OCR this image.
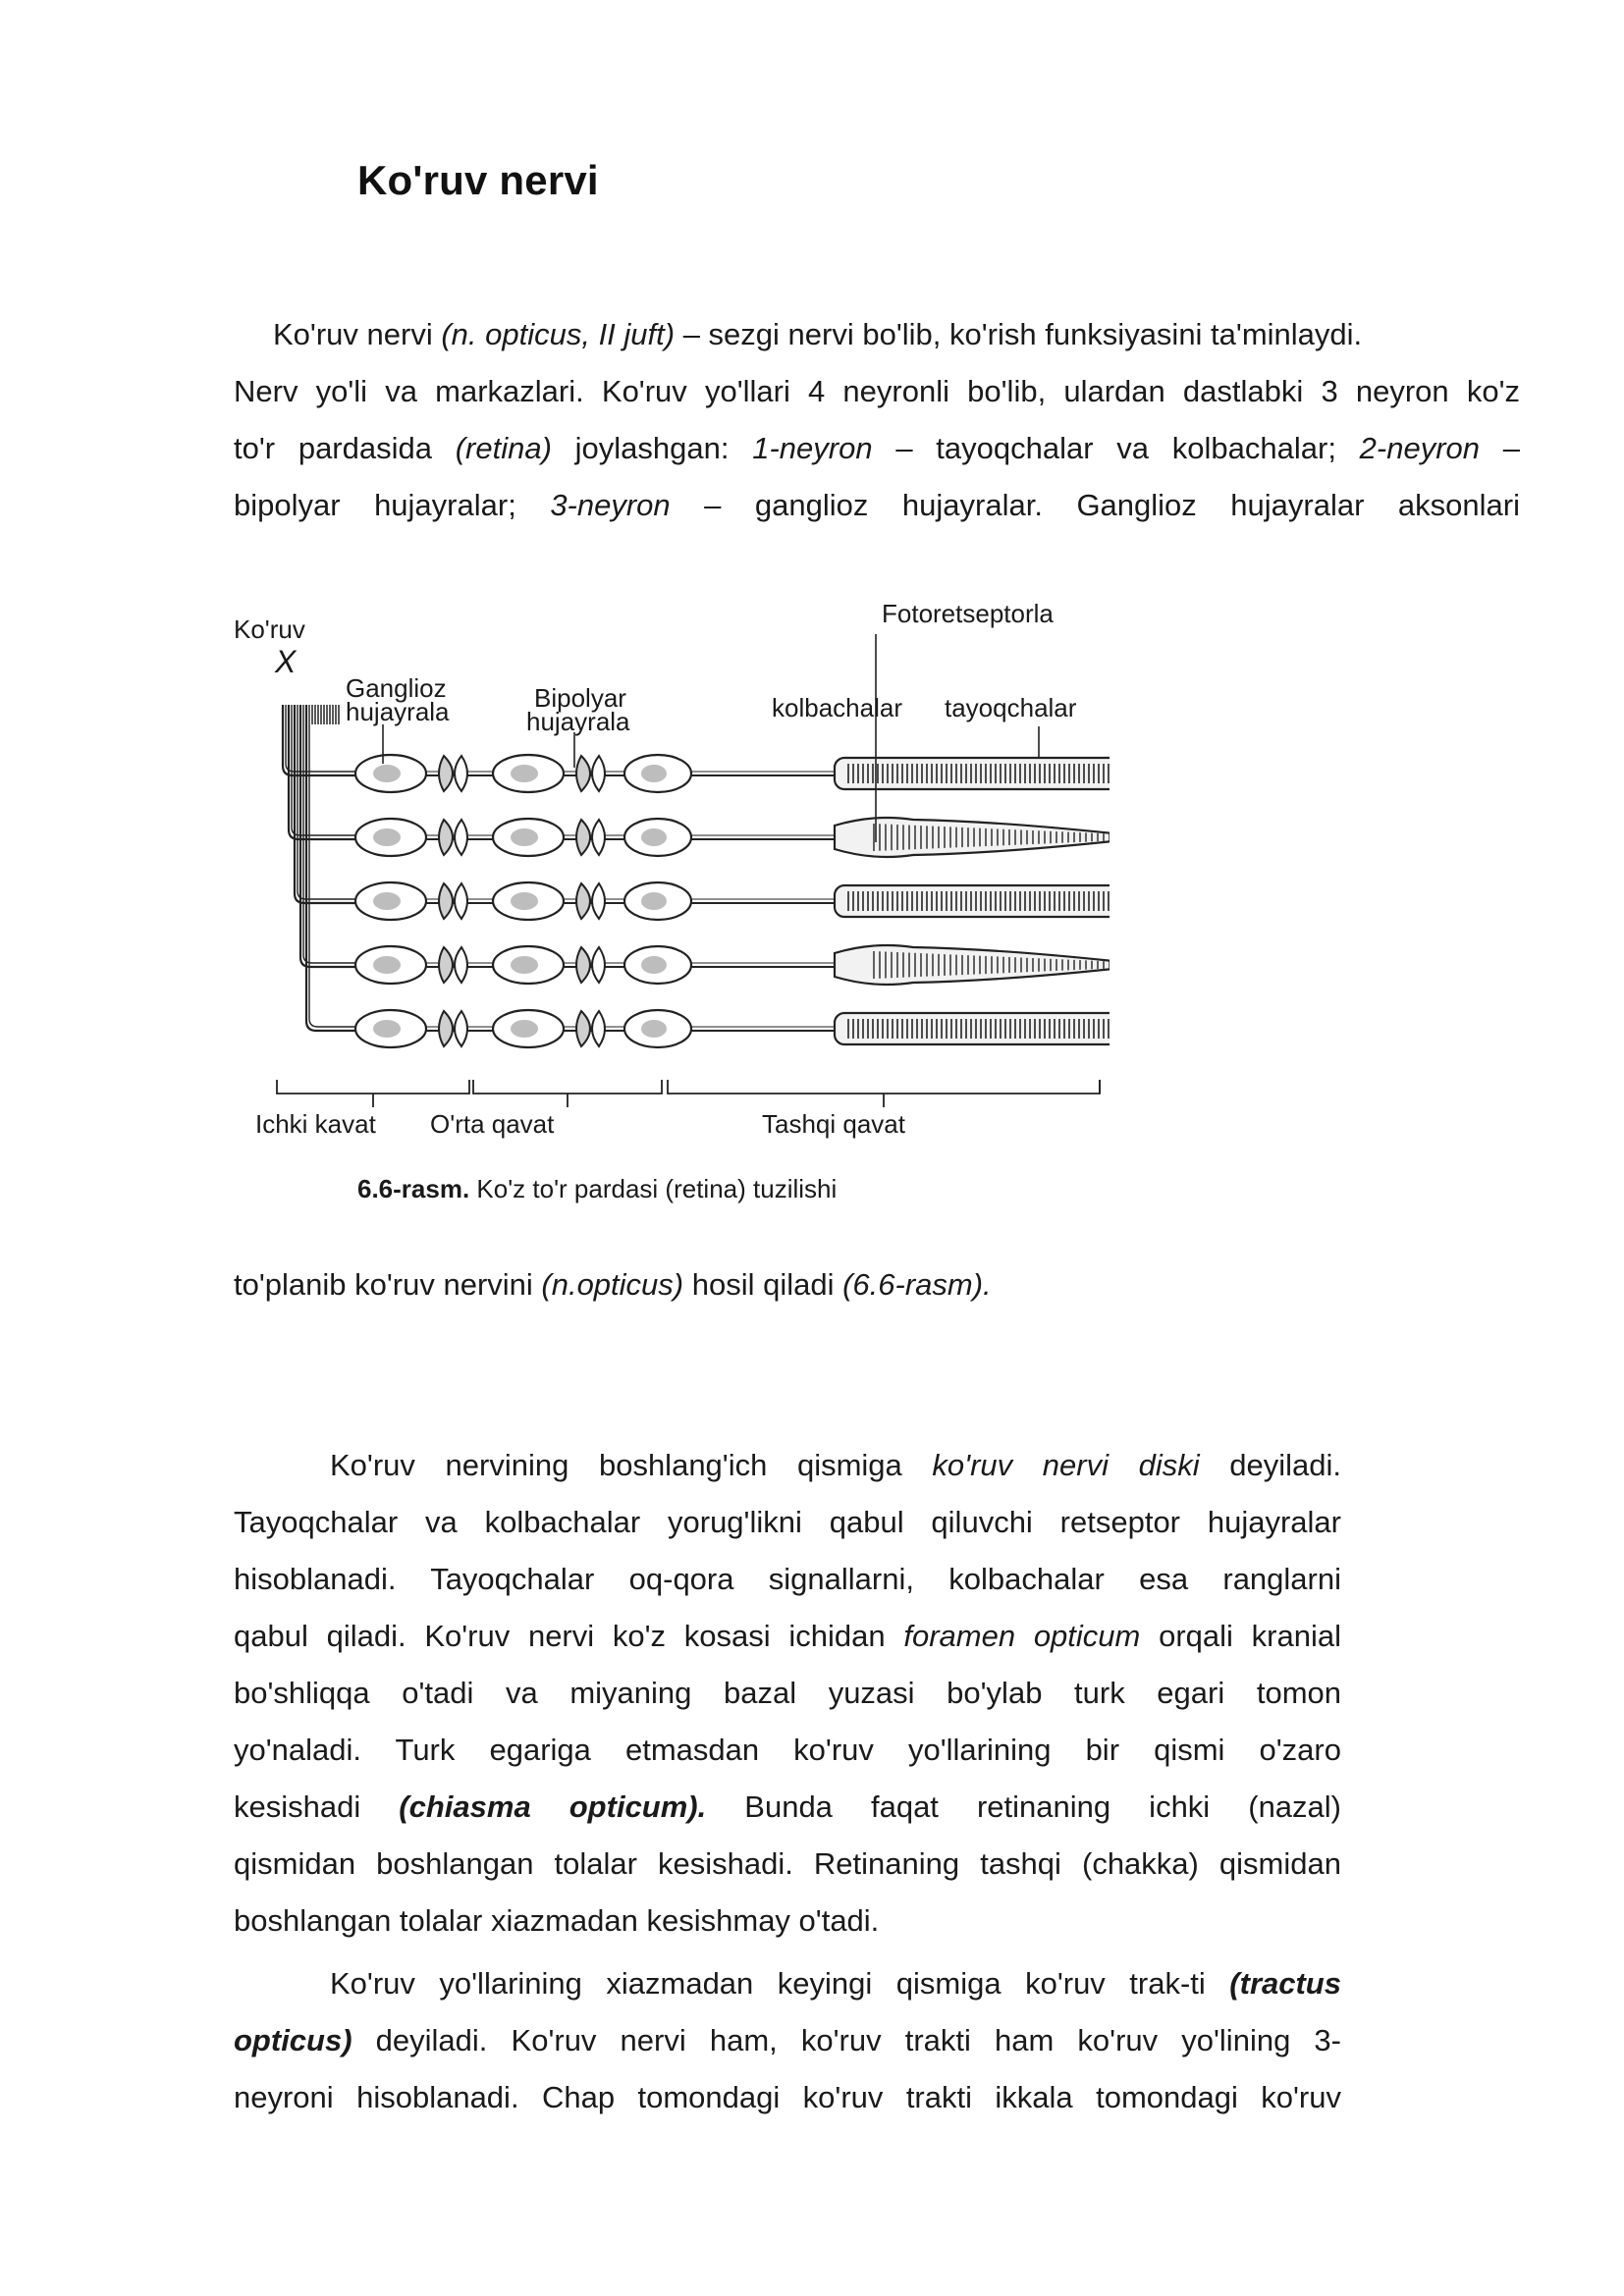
Ko'ruv nervi

Ko'ruv nervi (n. opticus, II juft) – sezgi nervi bo'lib, ko'rish funksiyasini ta'minlaydi.
Nerv yo'li va markazlari. Ko'ruv yo'llari 4 neyronli bo'lib, ulardan dastlabki 3 neyron ko'z
to'r pardasida (retina) joylashgan: 1-neyron – tayoqchalar va kolbachalar; 2-neyron –
bipolyar hujayralar; 3-neyron – ganglioz hujayralar. Ganglioz hujayralar aksonlari

Ko'ruv
X
Fotoretseptorla
Ganglioz
hujayrala	Bipolyar
hujayrala	kolbachalar tayoqchalar
Ichki kavat O'rta qavat	Tashqi qavat
6.6-rasm. Ko'z to'r pardasi (retina) tuzilishi

to'planib ko'ruv nervini (n.opticus) hosil qiladi (6.6-rasm).

Ko'ruv nervining boshlang'ich qismiga ko'ruv nervi diski deyiladi.
Tayoqchalar va kolbachalar yorug'likni qabul qiluvchi retseptor hujayralar
hisoblanadi. Tayoqchalar oq-qora signallarni, kolbachalar esa ranglarni
qabul qiladi. Ko'ruv nervi ko'z kosasi ichidan foramen opticum orqali kranial
bo'shliqqa o'tadi va miyaning bazal yuzasi bo'ylab turk egari tomon
yo'naladi. Turk egariga etmasdan ko'ruv yo'llarining bir qismi o'zaro
kesishadi (chiasma opticum). Bunda faqat retinaning ichki (nazal)
qismidan boshlangan tolalar kesishadi. Retinaning tashqi (chakka) qismidan
boshlangan tolalar xiazmadan kesishmay o'tadi.

Ko'ruv yo'llarining xiazmadan keyingi qismiga ko'ruv trak-ti (tractus
opticus) deyiladi. Ko'ruv nervi ham, ko'ruv trakti ham ko'ruv yo'lining 3-
neyroni hisoblanadi. Chap tomondagi ko'ruv trakti ikkala tomondagi ko'ruv
